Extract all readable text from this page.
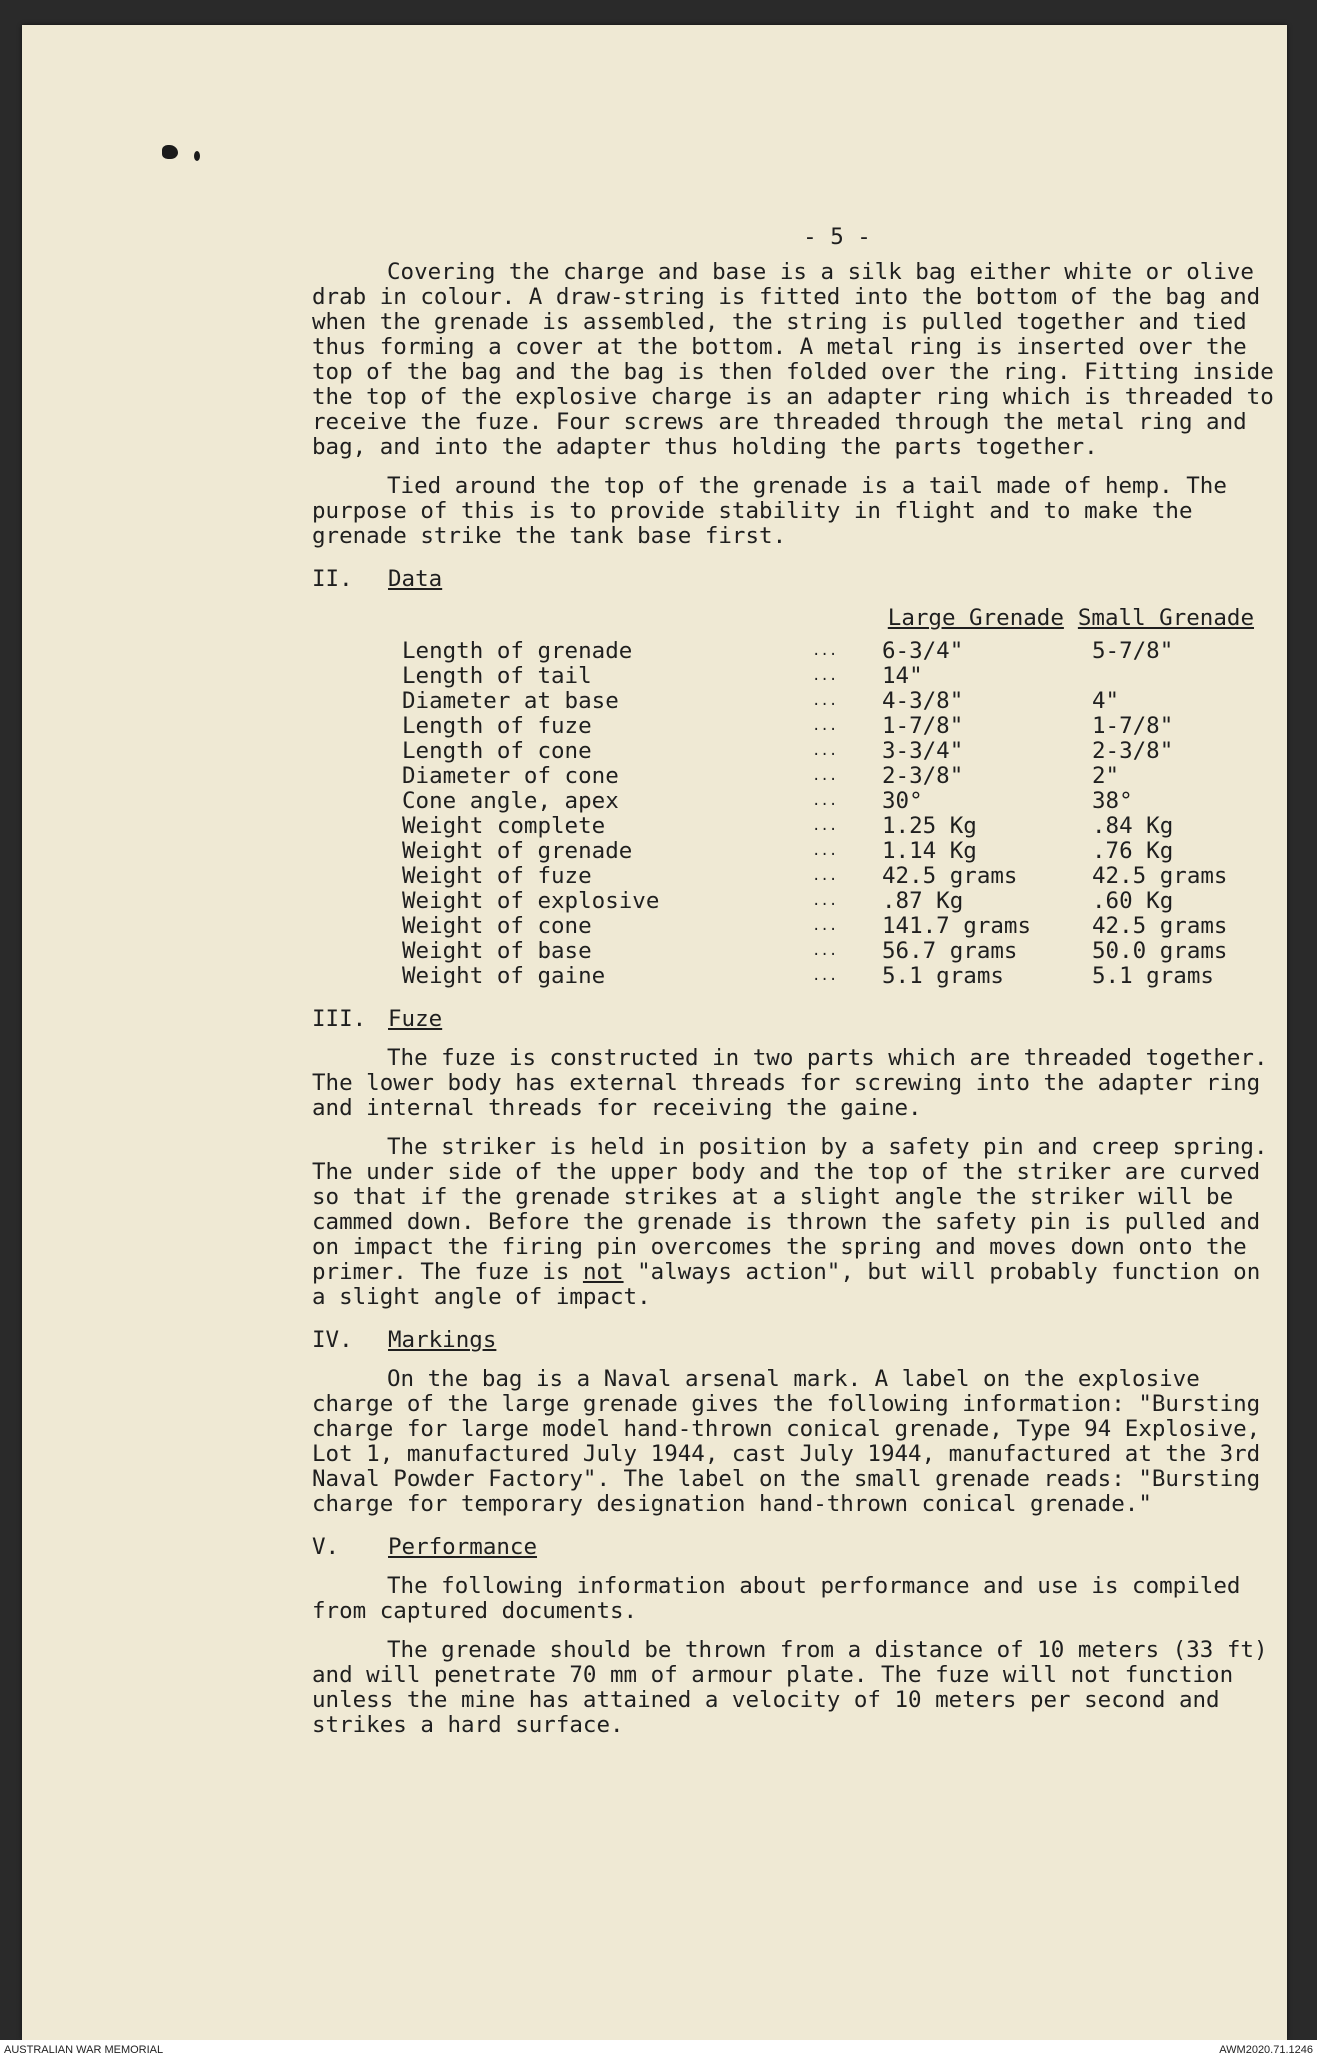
- 5 -

Covering the charge and base is a silk bag either white or olive drab in colour. A draw-string is fitted into the bottom of the bag and when the grenade is assembled, the string is pulled together and tied thus forming a cover at the bottom. A metal ring is inserted over the top of the bag and the bag is then folded over the ring. Fitting inside the top of the explosive charge is an adapter ring which is threaded to receive the fuze. Four screws are threaded through the metal ring and bag, and into the adapter thus holding the parts together.

Tied around the top of the grenade is a tail made of hemp. The purpose of this is to provide stability in flight and to make the grenade strike the tank base first.

II. Data
Large Grenade Small Grenade
Length of grenade	...	6-3/4"	5-7/8"
Length of tail	...	14"	
Diameter at base	...	4-3/8"	4"
Length of fuze	...	1-7/8"	1-7/8"
Length of cone	...	3-3/4"	2-3/8"
Diameter of cone	...	2-3/8"	2"
Cone angle, apex	...	30°	38°
Weight complete	...	1.25 Kg	.84 Kg
Weight of grenade	...	1.14 Kg	.76 Kg
Weight of fuze	...	42.5 grams	42.5 grams
Weight of explosive	...	.87 Kg	.60 Kg
Weight of cone	...	141.7 grams	42.5 grams
Weight of base	...	56.7 grams	50.0 grams
Weight of gaine	...	5.1 grams	5.1 grams
III. Fuze

The fuze is constructed in two parts which are threaded together. The lower body has external threads for screwing into the adapter ring and internal threads for receiving the gaine.

The striker is held in position by a safety pin and creep spring. The under side of the upper body and the top of the striker are curved so that if the grenade strikes at a slight angle the striker will be cammed down. Before the grenade is thrown the safety pin is pulled and on impact the firing pin overcomes the spring and moves down onto the primer. The fuze is not "always action", but will probably function on a slight angle of impact.

IV. Markings

On the bag is a Naval arsenal mark. A label on the explosive charge of the large grenade gives the following information: "Bursting charge for large model hand-thrown conical grenade, Type 94 Explosive, Lot 1, manufactured July 1944, cast July 1944, manufactured at the 3rd Naval Powder Factory". The label on the small grenade reads: "Bursting charge for temporary designation hand-thrown conical grenade."

V. Performance

The following information about performance and use is compiled from captured documents.

The grenade should be thrown from a distance of 10 meters (33 ft) and will penetrate 70 mm of armour plate. The fuze will not function unless the mine has attained a velocity of 10 meters per second and strikes a hard surface.

AUSTRALIAN WAR MEMORIAL	AWM2020.71.1246
